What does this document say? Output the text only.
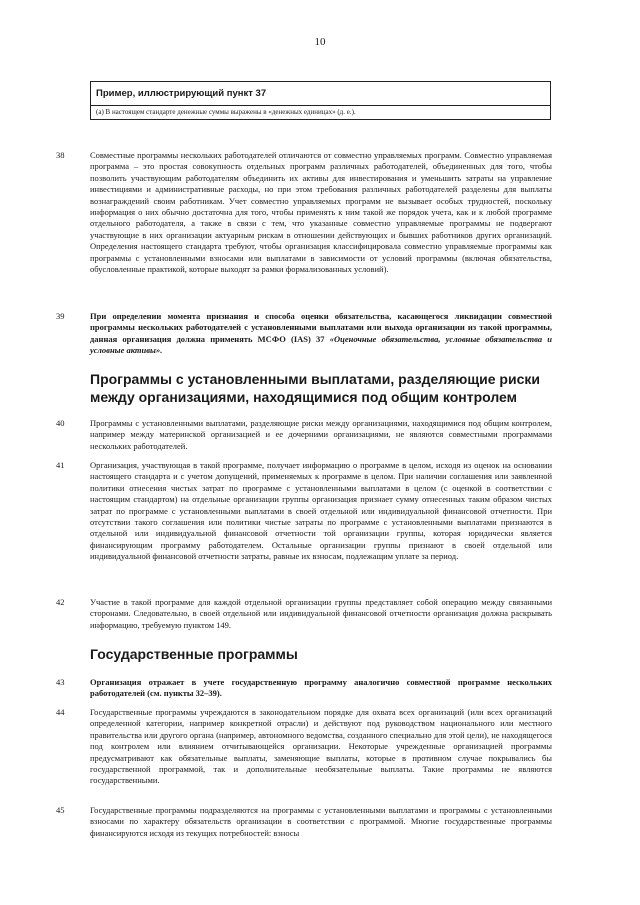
10
Пример, иллюстрирующий пункт 37
(а) В настоящем стандарте денежные суммы выражены в «денежных единицах» (д. е.).
38	Совместные программы нескольких работодателей отличаются от совместно управляемых программ. Совместно управляемая программа – это простая совокупность отдельных программ различных работодателей, объединенных для того, чтобы позволить участвующим работодателям объединить их активы для инвестирования и уменьшить затраты на управление инвестициями и административные расходы, но при этом требования различных работодателей разделены для выплаты вознаграждений своим работникам. Учет совместно управляемых программ не вызывает особых трудностей, поскольку информация о них обычно достаточна для того, чтобы применять к ним такой же порядок учета, как и к любой программе отдельного работодателя, а также в связи с тем, что указанные совместно управляемые программы не подвергают участвующие в них организации актуарным рискам в отношении действующих и бывших работников других организаций. Определения настоящего стандарта требуют, чтобы организация классифицировала совместно управляемые программы как программы с установленными взносами или выплатами в зависимости от условий программы (включая обязательства, обусловленные практикой, которые выходят за рамки формализованных условий).
39	При определении момента признания и способа оценки обязательства, касающегося ликвидации совместной программы нескольких работодателей с установленными выплатами или выхода организации из такой программы, данная организация должна применять МСФО (IAS) 37 «Оценочные обязательства, условные обязательства и условные активы».
Программы с установленными выплатами, разделяющие риски между организациями, находящимися под общим контролем
40	Программы с установленными выплатами, разделяющие риски между организациями, находящимися под общим контролем, например между материнской организацией и ее дочерними организациями, не являются совместными программами нескольких работодателей.
41	Организация, участвующая в такой программе, получает информацию о программе в целом, исходя из оценок на основании настоящего стандарта и с учетом допущений, применяемых к программе в целом. При наличии соглашения или заявленной политики отнесения чистых затрат по программе с установленными выплатами в целом (с оценкой в соответствии с настоящим стандартом) на отдельные организации группы организация признает сумму отнесенных таким образом чистых затрат по программе с установленными выплатами в своей отдельной или индивидуальной финансовой отчетности. При отсутствии такого соглашения или политики чистые затраты по программе с установленными выплатами признаются в отдельной или индивидуальной финансовой отчетности той организации группы, которая юридически является финансирующим программу работодателем. Остальные организации группы признают в своей отдельной или индивидуальной финансовой отчетности затраты, равные их взносам, подлежащим уплате за период.
42	Участие в такой программе для каждой отдельной организации группы представляет собой операцию между связанными сторонами. Следовательно, в своей отдельной или индивидуальной финансовой отчетности организация должна раскрывать информацию, требуемую пунктом 149.
Государственные программы
43	Организация отражает в учете государственную программу аналогично совместной программе нескольких работодателей (см. пункты 32–39).
44	Государственные программы учреждаются в законодательном порядке для охвата всех организаций (или всех организаций определенной категории, например конкретной отрасли) и действуют под руководством национального или местного правительства или другого органа (например, автономного ведомства, созданного специально для этой цели), не находящегося под контролем или влиянием отчитывающейся организации. Некоторые учрежденные организацией программы предусматривают как обязательные выплаты, заменяющие выплаты, которые в противном случае покрывались бы государственной программой, так и дополнительные необязательные выплаты. Такие программы не являются государственными.
45	Государственные программы подразделяются на программы с установленными выплатами и программы с установленными взносами по характеру обязательств организации в соответствии с программой. Многие государственные программы финансируются исходя из текущих потребностей: взносы
